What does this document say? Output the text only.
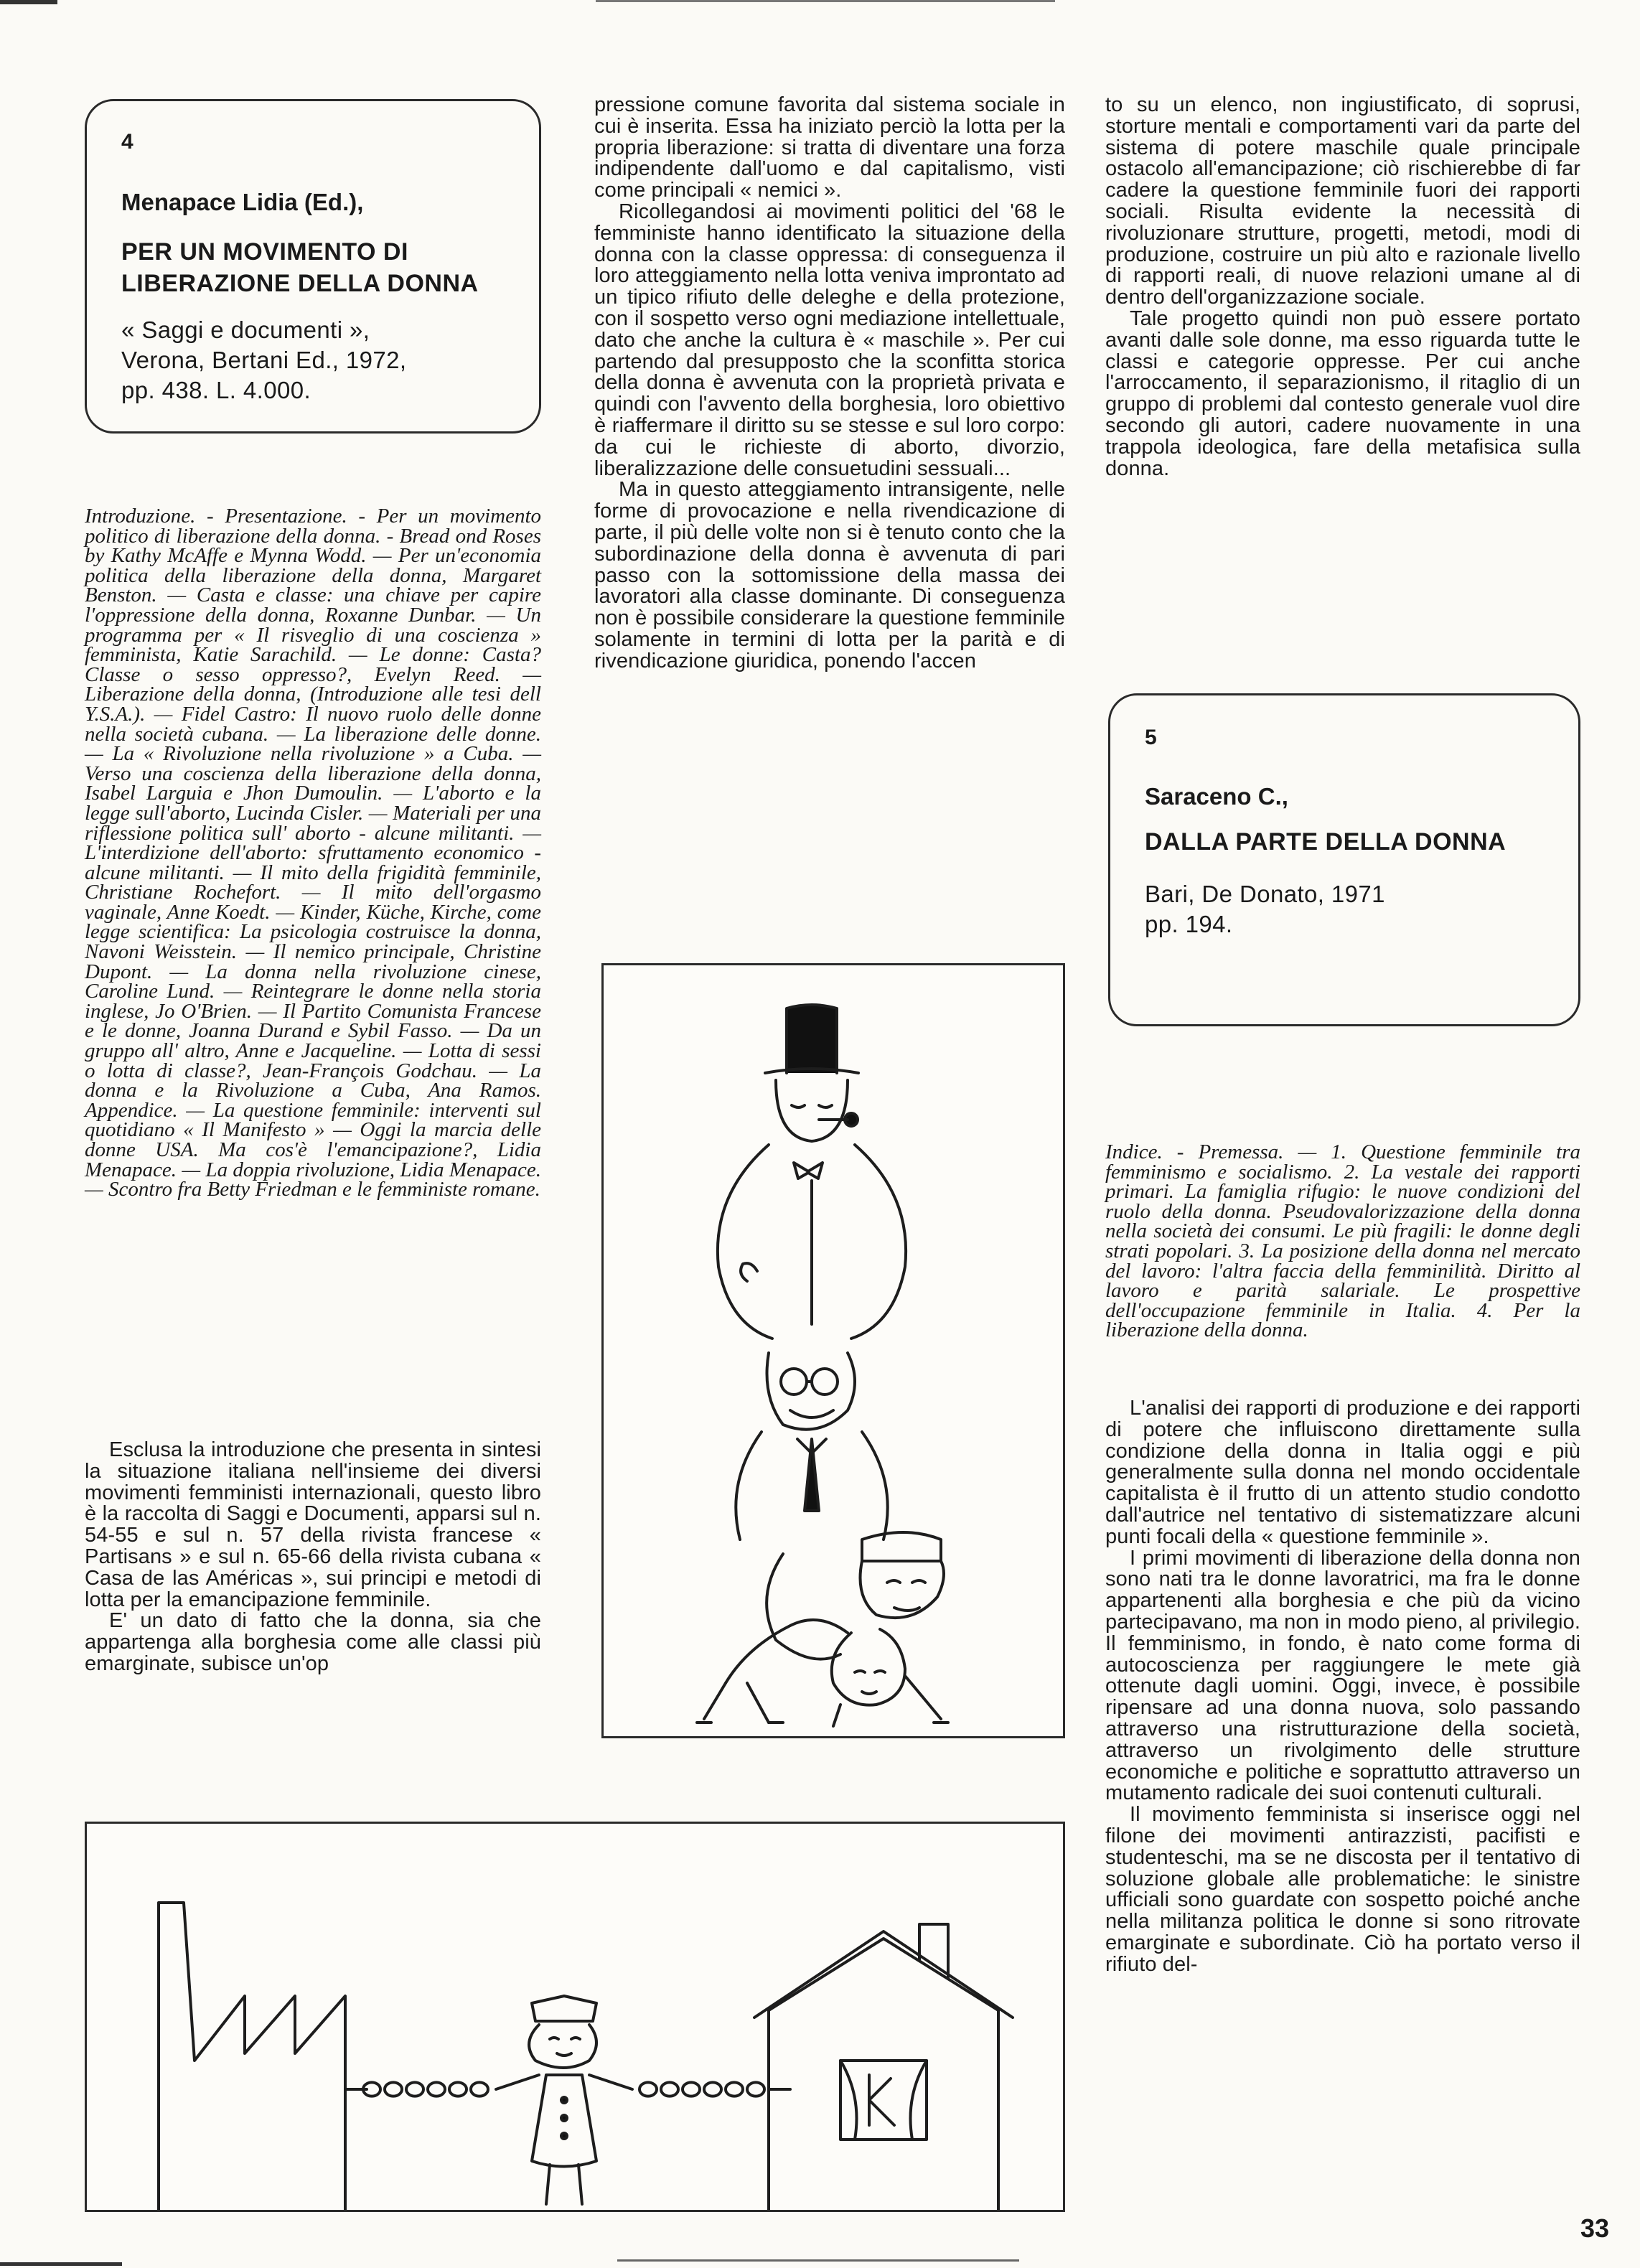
4
Menapace Lidia (Ed.),
PER UN MOVIMENTO DI
LIBERAZIONE DELLA DONNA
« Saggi e documenti »,
Verona, Bertani Ed., 1972,
pp. 438. L. 4.000.

Introduzione. - Presentazione. - Per un movimento politico di liberazione della donna. - Bread ond Roses by Kathy McAffe e Mynna Wodd. — Per un'economia politica della liberazione della donna, Margaret Benston. — Casta e classe: una chiave per capire l'oppressione della donna, Roxanne Dunbar. — Un programma per « Il risveglio di una coscienza » femminista, Katie Sarachild. — Le donne: Casta? Classe o sesso oppresso?, Evelyn Reed. — Liberazione della donna, (Introduzione alle tesi dell Y.S.A.). — Fidel Castro: Il nuovo ruolo delle donne nella società cubana. — La liberazione delle donne. — La « Rivoluzione nella rivoluzione » a Cuba. — Verso una coscienza della liberazione della donna, Isabel Larguia e Jhon Dumoulin. — L'aborto e la legge sull'aborto, Lucinda Cisler. — Materiali per una riflessione politica sull' aborto - alcune militanti. — L'interdizione dell'aborto: sfruttamento economico - alcune militanti. — Il mito della frigidità femminile, Christiane Rochefort. — Il mito dell'orgasmo vaginale, Anne Koedt. — Kinder, Küche, Kirche, come legge scientifica: La psicologia costruisce la donna, Navoni Weisstein. — Il nemico principale, Christine Dupont. — La donna nella rivoluzione cinese, Caroline Lund. — Reintegrare le donne nella storia inglese, Jo O'Brien. — Il Partito Comunista Francese e le donne, Joanna Durand e Sybil Fasso. — Da un gruppo all' altro, Anne e Jacqueline. — Lotta di sessi o lotta di classe?, Jean-François Godchau. — La donna e la Rivoluzione a Cuba, Ana Ramos. Appendice. — La questione femminile: interventi sul quotidiano « Il Manifesto » — Oggi la marcia delle donne USA. Ma cos'è l'emancipazione?, Lidia Menapace. — La doppia rivoluzione, Lidia Menapace. — Scontro fra Betty Friedman e le femministe romane.

Esclusa la introduzione che presenta in sintesi la situazione italiana nell'insieme dei diversi movimenti femministi internazionali, questo libro è la raccolta di Saggi e Documenti, apparsi sul n. 54-55 e sul n. 57 della rivista francese « Partisans » e sul n. 65-66 della rivista cubana « Casa de las Américas », sui principi e metodi di lotta per la emancipazione femminile.

E' un dato di fatto che la donna, sia che appartenga alla borghesia come alle classi più emarginate, subisce un'op

pressione comune favorita dal sistema sociale in cui è inserita. Essa ha iniziato perciò la lotta per la propria liberazione: si tratta di diventare una forza indipendente dall'uomo e dal capitalismo, visti come principali « nemici ».

Ricollegandosi ai movimenti politici del '68 le femministe hanno identificato la situazione della donna con la classe oppressa: di conseguenza il loro atteggiamento nella lotta veniva improntato ad un tipico rifiuto delle deleghe e della protezione, con il sospetto verso ogni mediazione intellettuale, dato che anche la cultura è « maschile ». Per cui partendo dal presupposto che la sconfitta storica della donna è avvenuta con la proprietà privata e quindi con l'avvento della borghesia, loro obiettivo è riaffermare il diritto su se stesse e sul loro corpo: da cui le richieste di aborto, divorzio, liberalizzazione delle consuetudini sessuali...

Ma in questo atteggiamento intransigente, nelle forme di provocazione e nella rivendicazione di parte, il più delle volte non si è tenuto conto che la subordinazione della donna è avvenuta di pari passo con la sottomissione della massa dei lavoratori alla classe dominante. Di conseguenza non è possibile considerare la questione femminile solamente in termini di lotta per la parità e di rivendicazione giuridica, ponendo l'accen

to su un elenco, non ingiustificato, di soprusi, storture mentali e comportamenti vari da parte del sistema di potere maschile quale principale ostacolo all'emancipazione; ciò rischierebbe di far cadere la questione femminile fuori dei rapporti sociali. Risulta evidente la necessità di rivoluzionare strutture, progetti, metodi, modi di produzione, costruire un più alto e razionale livello di rapporti reali, di nuove relazioni umane al di dentro dell'organizzazione sociale.

Tale progetto quindi non può essere portato avanti dalle sole donne, ma esso riguarda tutte le classi e categorie oppresse. Per cui anche l'arroccamento, il separazionismo, il ritaglio di un gruppo di problemi dal contesto generale vuol dire secondo gli autori, cadere nuovamente in una trappola ideologica, fare della metafisica sulla donna.

5
Saraceno C.,
DALLA PARTE DELLA DONNA
Bari, De Donato, 1971
pp. 194.

Indice. - Premessa. — 1. Questione femminile tra femminismo e socialismo. 2. La vestale dei rapporti primari. La famiglia rifugio: le nuove condizioni del ruolo della donna. Pseudovalorizzazione della donna nella società dei consumi. Le più fragili: le donne degli strati popolari. 3. La posizione della donna nel mercato del lavoro: l'altra faccia della femminilità. Diritto al lavoro e parità salariale. Le prospettive dell'occupazione femminile in Italia. 4. Per la liberazione della donna.

L'analisi dei rapporti di produzione e dei rapporti di potere che influiscono direttamente sulla condizione della donna in Italia oggi e più generalmente sulla donna nel mondo occidentale capitalista è il frutto di un attento studio condotto dall'autrice nel tentativo di sistematizzare alcuni punti focali della « questione femminile ».

I primi movimenti di liberazione della donna non sono nati tra le donne lavoratrici, ma fra le donne appartenenti alla borghesia e che più da vicino partecipavano, ma non in modo pieno, al privilegio. Il femminismo, in fondo, è nato come forma di autocoscienza per raggiungere le mete già ottenute dagli uomini. Oggi, invece, è possibile ripensare ad una donna nuova, solo passando attraverso una ristrutturazione della società, attraverso un rivolgimento delle strutture economiche e politiche e soprattutto attraverso un mutamento radicale dei suoi contenuti culturali.

Il movimento femminista si inserisce oggi nel filone dei movimenti antirazzisti, pacifisti e studenteschi, ma se ne discosta per il tentativo di soluzione globale alle problematiche: le sinistre ufficiali sono guardate con sospetto poiché anche nella militanza politica le donne si sono ritrovate emarginate e subordinate. Ciò ha portato verso il rifiuto del-

33
